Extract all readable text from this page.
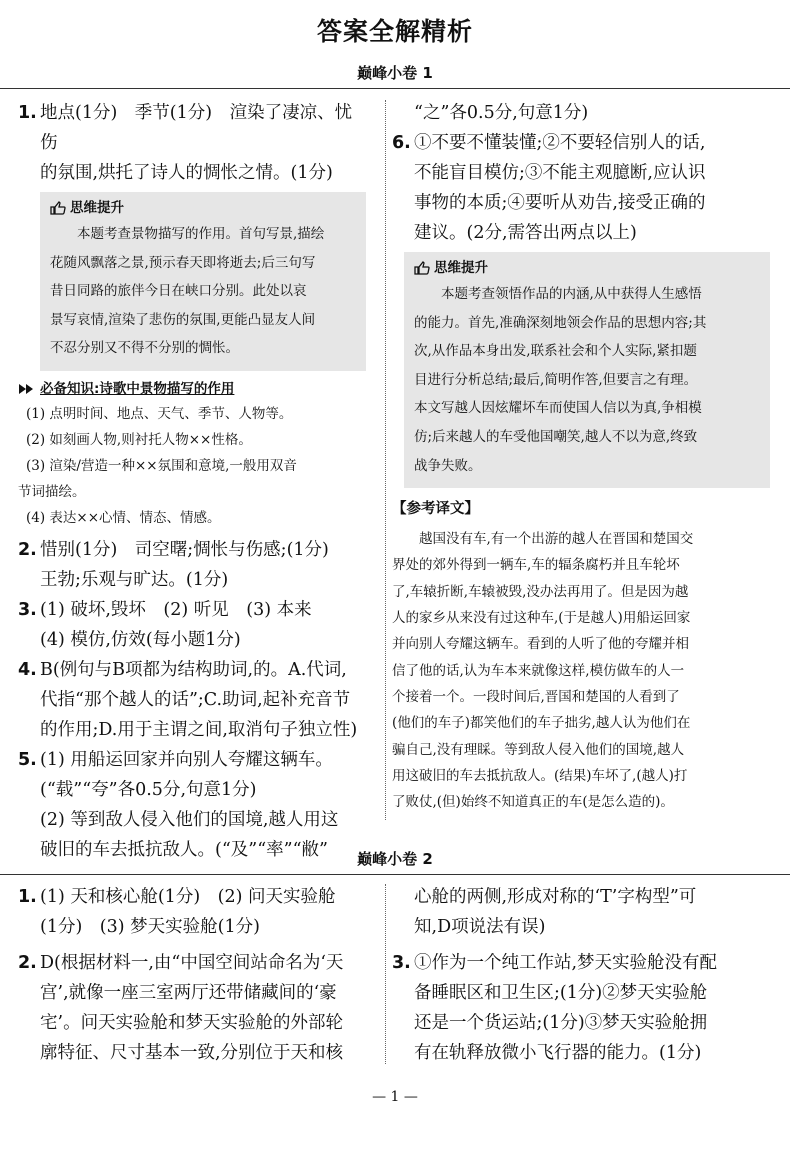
答案全解精析
巅峰小卷 1
1. 地点(1分)　季节(1分)　渲染了凄凉、忧伤
的氛围,烘托了诗人的惆怅之情。(1分)
思维提升
本题考查景物描写的作用。首句写景,描绘
花随风飘落之景,预示春天即将逝去;后三句写
昔日同路的旅伴今日在峡口分别。此处以哀
景写哀情,渲染了悲伤的氛围,更能凸显友人间
不忍分别又不得不分别的惆怅。
必备知识:诗歌中景物描写的作用
(1) 点明时间、地点、天气、季节、人物等。
(2) 如刻画人物,则衬托人物××性格。
(3) 渲染/营造一种××氛围和意境,一般用双音
节词描绘。
(4) 表达××心情、情态、情感。
2. 惜别(1分)　司空曙;惆怅与伤感;(1分)
王勃;乐观与旷达。(1分)
3. (1) 破坏,毁坏　(2) 听见　(3) 本来
(4) 模仿,仿效(每小题1分)
4. B(例句与B项都为结构助词,的。A.代词,
代指“那个越人的话”;C.助词,起补充音节
的作用;D.用于主谓之间,取消句子独立性)
5. (1) 用船运回家并向别人夸耀这辆车。
(“载”“夸”各0.5分,句意1分)
(2) 等到敌人侵入他们的国境,越人用这
破旧的车去抵抗敌人。(“及”“率”“敝”
“之”各0.5分,句意1分)
6. ①不要不懂装懂;②不要轻信别人的话,
不能盲目模仿;③不能主观臆断,应认识
事物的本质;④要听从劝告,接受正确的
建议。(2分,需答出两点以上)
思维提升
本题考查领悟作品的内涵,从中获得人生感悟
的能力。首先,准确深刻地领会作品的思想内容;其
次,从作品本身出发,联系社会和个人实际,紧扣题
目进行分析总结;最后,简明作答,但要言之有理。
本文写越人因炫耀坏车而使国人信以为真,争相模
仿;后来越人的车受他国嘲笑,越人不以为意,终致
战争失败。
【参考译文】
越国没有车,有一个出游的越人在晋国和楚国交
界处的郊外得到一辆车,车的辐条腐朽并且车轮坏
了,车辕折断,车辕被毁,没办法再用了。但是因为越
人的家乡从来没有过这种车,(于是越人)用船运回家
并向别人夸耀这辆车。看到的人听了他的夸耀并相
信了他的话,认为车本来就像这样,模仿做车的人一
个接着一个。一段时间后,晋国和楚国的人看到了
(他们的车子)都笑他们的车子拙劣,越人认为他们在
骗自己,没有理睬。等到敌人侵入他们的国境,越人
用这破旧的车去抵抗敌人。(结果)车坏了,(越人)打
了败仗,(但)始终不知道真正的车(是怎么造的)。
巅峰小卷 2
1. (1) 天和核心舱(1分)　(2) 问天实验舱
(1分)　(3) 梦天实验舱(1分)
2. D(根据材料一,由“中国空间站命名为‘天
宫’,就像一座三室两厅还带储藏间的‘豪
宅’。问天实验舱和梦天实验舱的外部轮
廓特征、尺寸基本一致,分别位于天和核
心舱的两侧,形成对称的‘T’字构型”可
知,D项说法有误)
3. ①作为一个纯工作站,梦天实验舱没有配
备睡眠区和卫生区;(1分)②梦天实验舱
还是一个货运站;(1分)③梦天实验舱拥
有在轨释放微小飞行器的能力。(1分)
— 1 —
